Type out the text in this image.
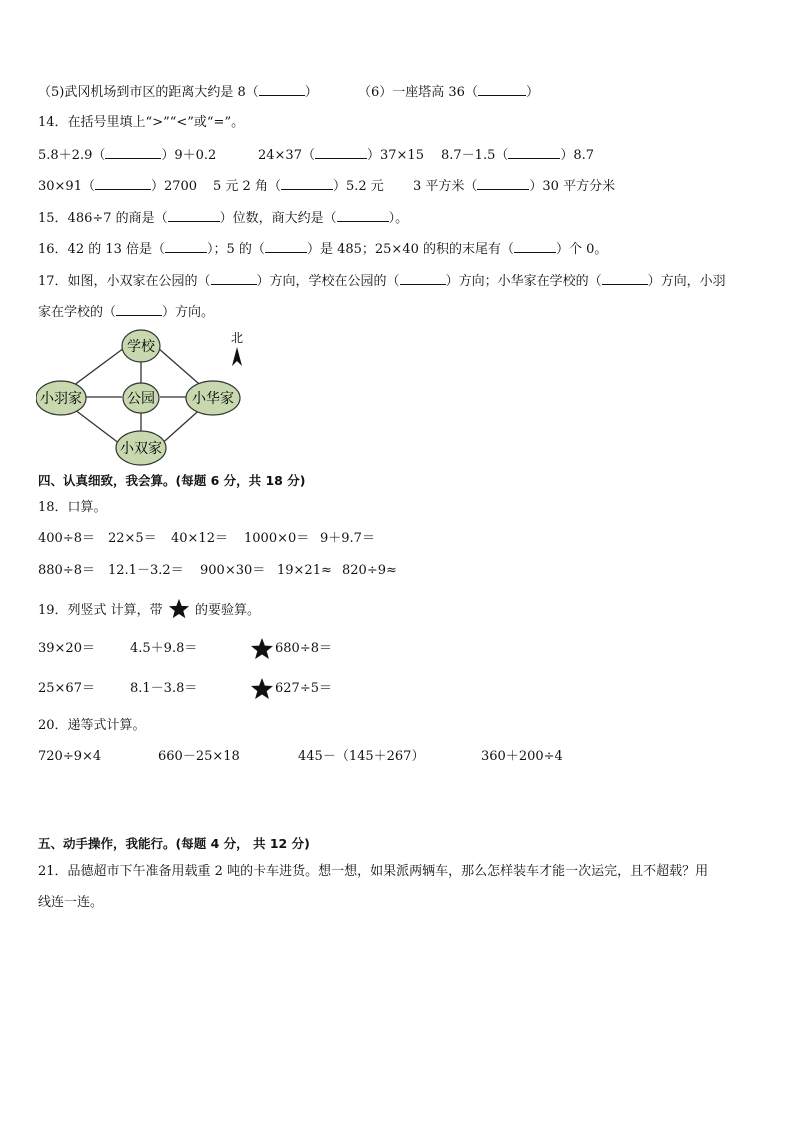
（5)武冈机场到市区的距离大约是 8（	）	（6）一座塔高 36（	）
14．在括号里填上“>”“<”或“=”。
5.8＋2.9（	）9＋0.2	24×37（	）37×15 8.7－1.5（	）8.7
30×91（	）2700 5 元 2 角（	）5.2 元 3 平方米（	）30 平方分米
15．486÷7 的商是（	）位数，商大约是（	）。
16．42 的 13 倍是（	）；5 的（	）是 485；25×40 的积的末尾有（	）个 0。
17．如图，小双家在公园的（	）方向，学校在公园的（	）方向；小华家在学校的（	）方向，小羽
家在学校的（	）方向。
学校
公园
小羽家	小华家
小双家
北
四、认真细致，我会算。(每题 6 分，共 18 分)
18．口算。
400÷8＝ 22×5＝ 40×12＝ 1000×0＝ 9＋9.7＝
880÷8＝ 12.1－3.2＝ 900×30＝ 19×21≈ 820÷9≈
19．列竖式 计算，带 的要验算。
39×20＝	4.5＋9.8＝	680÷8＝
25×67＝	8.1－3.8＝	627÷5＝
20．递等式计算。
720÷9×4	660－25×18	445－（145＋267）	360＋200÷4
五、动手操作，我能行。(每题 4 分， 共 12 分)
21．品德超市下午准备用载重 2 吨的卡车进货。想一想，如果派两辆车，那么怎样装车才能一次运完，且不超载？用
线连一连。
